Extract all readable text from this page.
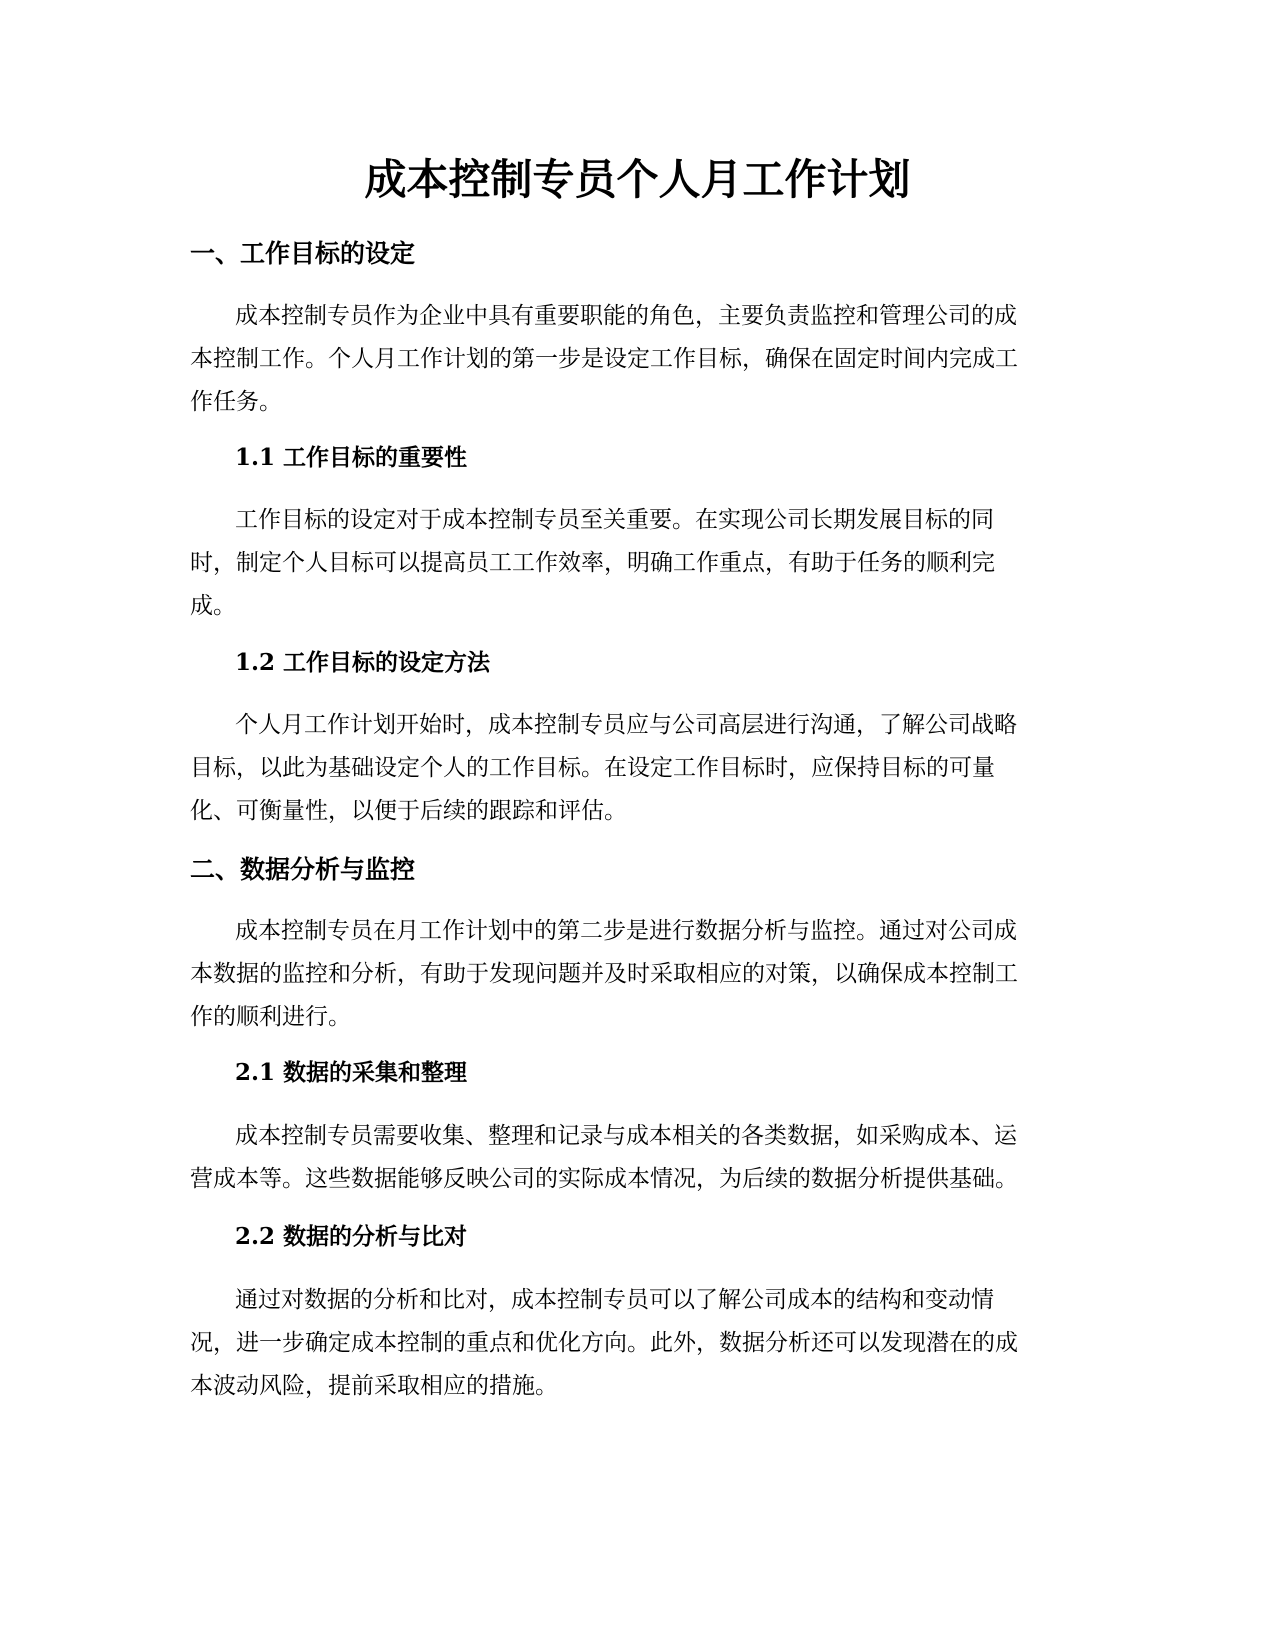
成本控制专员个人月工作计划
一、工作目标的设定

成本控制专员作为企业中具有重要职能的角色，主要负责监控和管理公司的成
本控制工作。个人月工作计划的第一步是设定工作目标，确保在固定时间内完成工
作任务。

1.1 工作目标的重要性

工作目标的设定对于成本控制专员至关重要。在实现公司长期发展目标的同
时，制定个人目标可以提高员工工作效率，明确工作重点，有助于任务的顺利完
成。

1.2 工作目标的设定方法

个人月工作计划开始时，成本控制专员应与公司高层进行沟通，了解公司战略
目标，以此为基础设定个人的工作目标。在设定工作目标时，应保持目标的可量
化、可衡量性，以便于后续的跟踪和评估。

二、数据分析与监控

成本控制专员在月工作计划中的第二步是进行数据分析与监控。通过对公司成
本数据的监控和分析，有助于发现问题并及时采取相应的对策，以确保成本控制工
作的顺利进行。

2.1 数据的采集和整理

成本控制专员需要收集、整理和记录与成本相关的各类数据，如采购成本、运
营成本等。这些数据能够反映公司的实际成本情况，为后续的数据分析提供基础。

2.2 数据的分析与比对

通过对数据的分析和比对，成本控制专员可以了解公司成本的结构和变动情
况，进一步确定成本控制的重点和优化方向。此外，数据分析还可以发现潜在的成
本波动风险，提前采取相应的措施。
